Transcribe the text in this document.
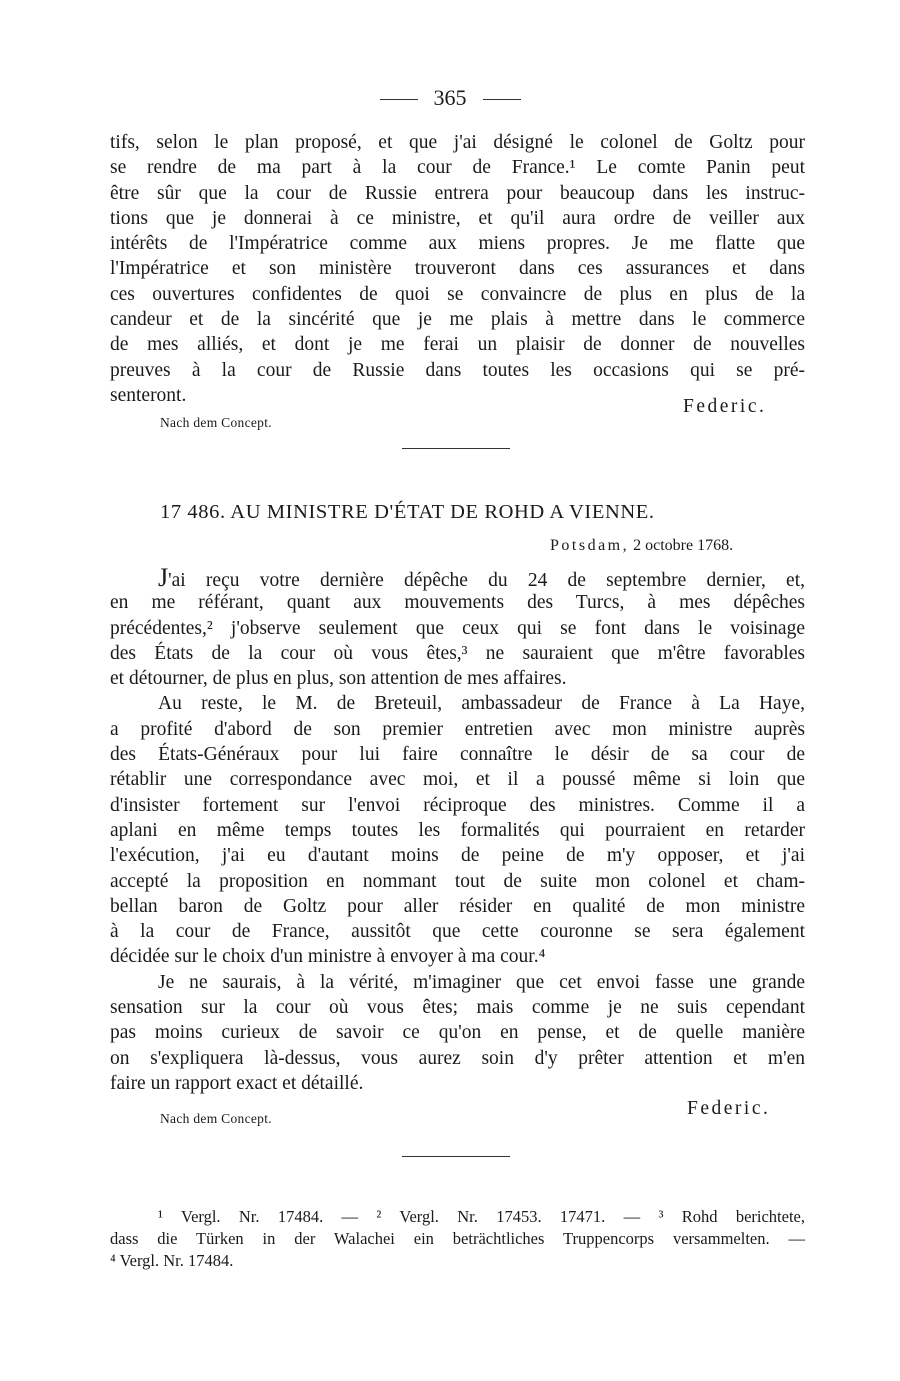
365
tifs, selon le plan proposé, et que j'ai désigné le colonel de Goltz pour
se rendre de ma part à la cour de France.¹ Le comte Panin peut
être sûr que la cour de Russie entrera pour beaucoup dans les instruc-
tions que je donnerai à ce ministre, et qu'il aura ordre de veiller aux
intérêts de l'Impératrice comme aux miens propres. Je me flatte que
l'Impératrice et son ministère trouveront dans ces assurances et dans
ces ouvertures confidentes de quoi se convaincre de plus en plus de la
candeur et de la sincérité que je me plais à mettre dans le commerce
de mes alliés, et dont je me ferai un plaisir de donner de nouvelles
preuves à la cour de Russie dans toutes les occasions qui se pré-
senteront.
Federic.
Nach dem Concept.
17 486. AU MINISTRE D'ÉTAT DE ROHD A VIENNE.
Potsdam, 2 octobre 1768.
J'ai reçu votre dernière dépêche du 24 de septembre dernier, et,
en me référant, quant aux mouvements des Turcs, à mes dépêches
précédentes,² j'observe seulement que ceux qui se font dans le voisinage
des États de la cour où vous êtes,³ ne sauraient que m'être favorables
et détourner, de plus en plus, son attention de mes affaires.
Au reste, le M. de Breteuil, ambassadeur de France à La Haye,
a profité d'abord de son premier entretien avec mon ministre auprès
des États-Généraux pour lui faire connaître le désir de sa cour de
rétablir une correspondance avec moi, et il a poussé même si loin que
d'insister fortement sur l'envoi réciproque des ministres. Comme il a
aplani en même temps toutes les formalités qui pourraient en retarder
l'exécution, j'ai eu d'autant moins de peine de m'y opposer, et j'ai
accepté la proposition en nommant tout de suite mon colonel et cham-
bellan baron de Goltz pour aller résider en qualité de mon ministre
à la cour de France, aussitôt que cette couronne se sera également
décidée sur le choix d'un ministre à envoyer à ma cour.⁴
Je ne saurais, à la vérité, m'imaginer que cet envoi fasse une grande
sensation sur la cour où vous êtes; mais comme je ne suis cependant
pas moins curieux de savoir ce qu'on en pense, et de quelle manière
on s'expliquera là-dessus, vous aurez soin d'y prêter attention et m'en
faire un rapport exact et détaillé.
Federic.
Nach dem Concept.
¹ Vergl. Nr. 17484. — ² Vergl. Nr. 17453. 17471. — ³ Rohd berichtete,
dass die Türken in der Walachei ein beträchtliches Truppencorps versammelten. —
⁴ Vergl. Nr. 17484.
